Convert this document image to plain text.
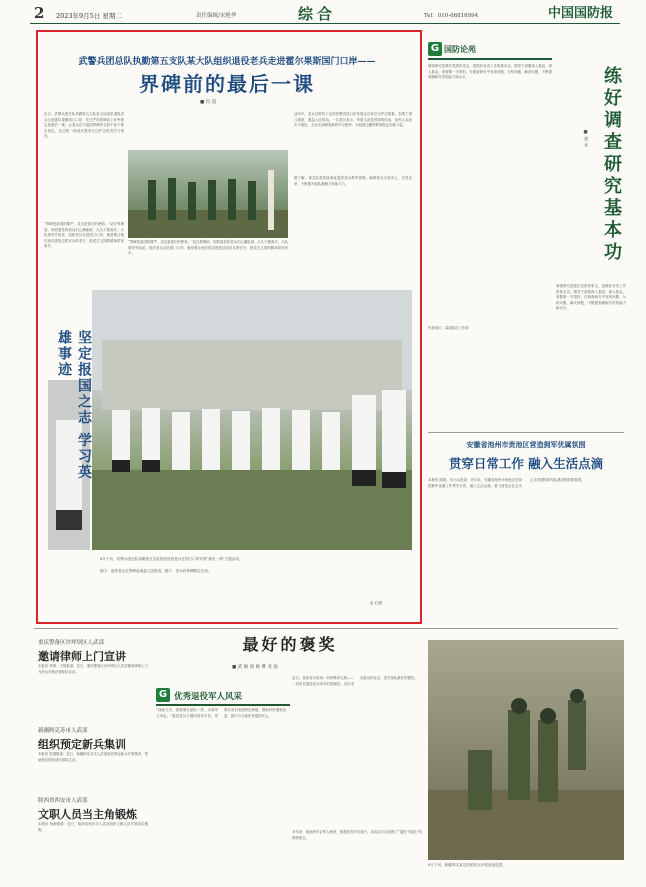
2 2023年9月5日 星期二	责任编辑/宋艳华	综合	Tel：010-66816994	中国国防报
武警兵团总队执勤第五支队某大队组织退役老兵走进霍尔果斯国门口岸——
界碑前的最后一课
■ 肖 超
近日，武警兵团总队执勤第五支队某大队组织退役老兵走进霍尔果斯国门口岸，在庄严的界碑前上好军旅生涯最后一课，让老兵在与祖国界碑的合影中留下难忘回忆，在边防一线再次感受守边护边的责任与荣光。
“界碑是祖国的尊严，戍边是我们的使命。”站在界碑前，即将退役的老兵们心潮澎湃，久久不愿离开。大队领导介绍说，组织老兵走进国门口岸，就是要让他们再次感受边防官兵的坚守，把戍边卫国的精神带回家乡。
活动中，老兵们聆听了边防民警讲述口岸发展变迁和守边护边故事，参观了国门展馆，重温入伍誓词。一名老兵表示，军旅生涯虽然即将结束，但军人本色永不褪色，无论走到哪里都将牢记使命，为祖国边疆的繁荣稳定贡献力量。
据了解，该支队将持续深化退役老兵教育管理，确保老兵走得安心、走得光荣，不断提升部队凝聚力和战斗力。
“界碑是祖国的尊严，戍边是我们的使命。”站在界碑前，即将退役的老兵们心潮澎湃，久久不愿离开。大队领导介绍说，组织老兵走进国门口岸，就是要让他们再次感受边防官兵的坚守，把戍边卫国的精神带回家乡。
8月下旬，武警兵团总队执勤第五支队组织退役老兵在国门口岸开展“最后一课”主题活动。
图①：退役老兵在界碑前重温入伍誓词；图②：老兵向界碑敬礼告别。
赵 红摄
坚定报国之志 学习英雄事迹
G 国防论苑
调查研究是我们党的传家宝，是做好各项工作的基本功。领导干部要深入基层、深入群众，掌握第一手资料，在调查研究中发现问题、分析问题、解决问题，不断提高履职尽责的能力和水平。	练好调查研究基本功
■ 刘 永
调查研究是我们党的传家宝，是做好各项工作的基本功。领导干部要深入基层、深入群众，掌握第一手资料，在调查研究中发现问题、分析问题、解决问题，不断提高履职尽责的能力和水平。
作者单位：某部政治工作部
安徽省池州市贵池区营造拥军优属氛围
贯穿日常工作 融入生活点滴
本报讯 陈建、朱小兵报道：近年来，安徽省池州市贵池区坚持把拥军优属工作贯穿日常、融入生活点滴，着力营造全社会关心支持国防和军队建设的浓厚氛围。
8月下旬，新疆军区某边防团官兵开展战备巡逻。
重庆警备区沙坪坝区人武部
邀请律师上门宣讲
本报讯 李明、王强报道：近日，重庆警备区沙坪坝区人武部邀请律师上门为民兵开展法律知识宣讲。
新疆阿克苏市人武部
组织预定新兵集训
本报讯 张超报道：近日，新疆阿克苏市人武部组织预定新兵开展集训，帮助他们提前适应部队生活。
陕西省西安市人武部
文职人员当主角锻炼
本报讯 杨海报道：近日，陕西省西安市人武部组织文职人员开展岗位锻炼。
最好的褒奖
■ 武 俊 徐 帅 曹 亚 南
G 优秀退役军人风采
“到地方后，我要像在部队一样，永葆军人本色。”退役老兵王刚回到家乡后，带领乡亲们发展特色种植，帮助村民增收致富，被评为当地优秀退役军人。
近日，某部官兵收到一份特殊的礼物——一封来自退役老兵家乡的感谢信。这份来自群众的肯定，是对部队最好的褒奖。
多年来，他始终牢记军人使命，积极投身乡村振兴，用实际行动诠释了“退役不褪色”的铮铮誓言。
